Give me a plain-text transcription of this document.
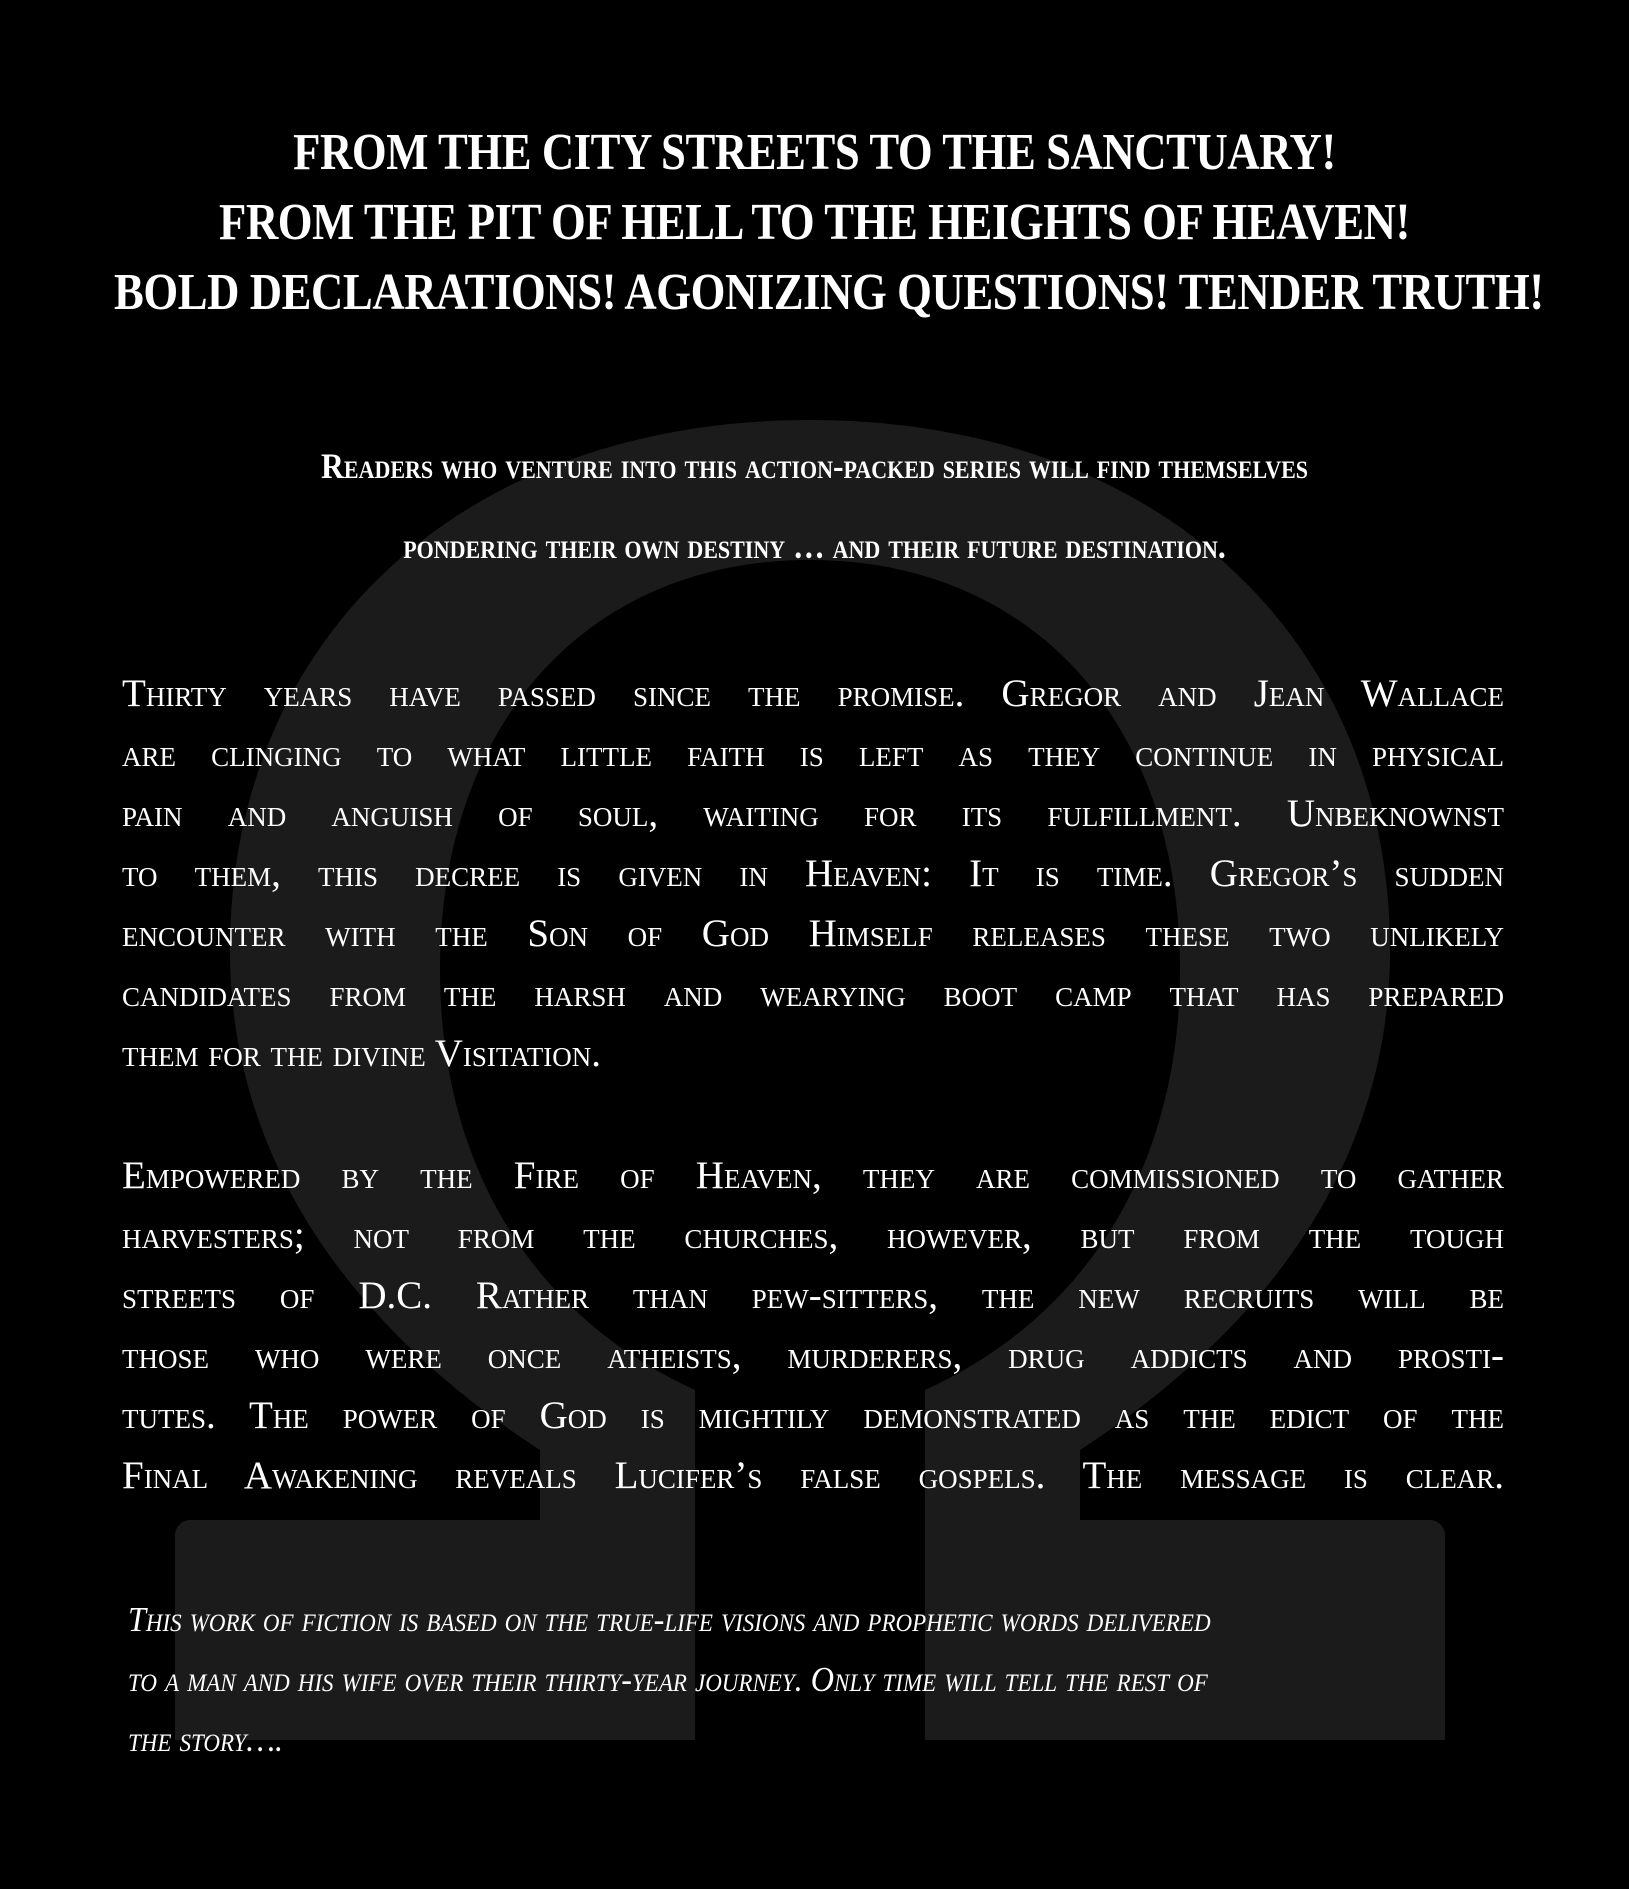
FROM THE CITY STREETS TO THE SANCTUARY!
FROM THE PIT OF HELL TO THE HEIGHTS OF HEAVEN!
BOLD DECLARATIONS! AGONIZING QUESTIONS! TENDER TRUTH!
Readers who venture into this action-packed series will find themselves
pondering their own destiny … and their future destination.
Thirty years have passed since the promise. Gregor and Jean Wallace
are clinging to what little faith is left as they continue in physical
pain and anguish of soul, waiting for its fulfillment. Unbeknownst
to them, this decree is given in Heaven: It is time. Gregor’s sudden
encounter with the Son of God Himself releases these two unlikely
candidates from the harsh and wearying boot camp that has prepared
them for the divine Visitation.
Empowered by the Fire of Heaven, they are commissioned to gather
harvesters; not from the churches, however, but from the tough
streets of D.C. Rather than pew-sitters, the new recruits will be
those who were once atheists, murderers, drug addicts and prosti-
tutes. The power of God is mightily demonstrated as the edict of the
Final Awakening reveals Lucifer’s false gospels. The message is clear.
This work of fiction is based on the true-life visions and prophetic words delivered
to a man and his wife over their thirty-year journey. Only time will tell the rest of
the story….
